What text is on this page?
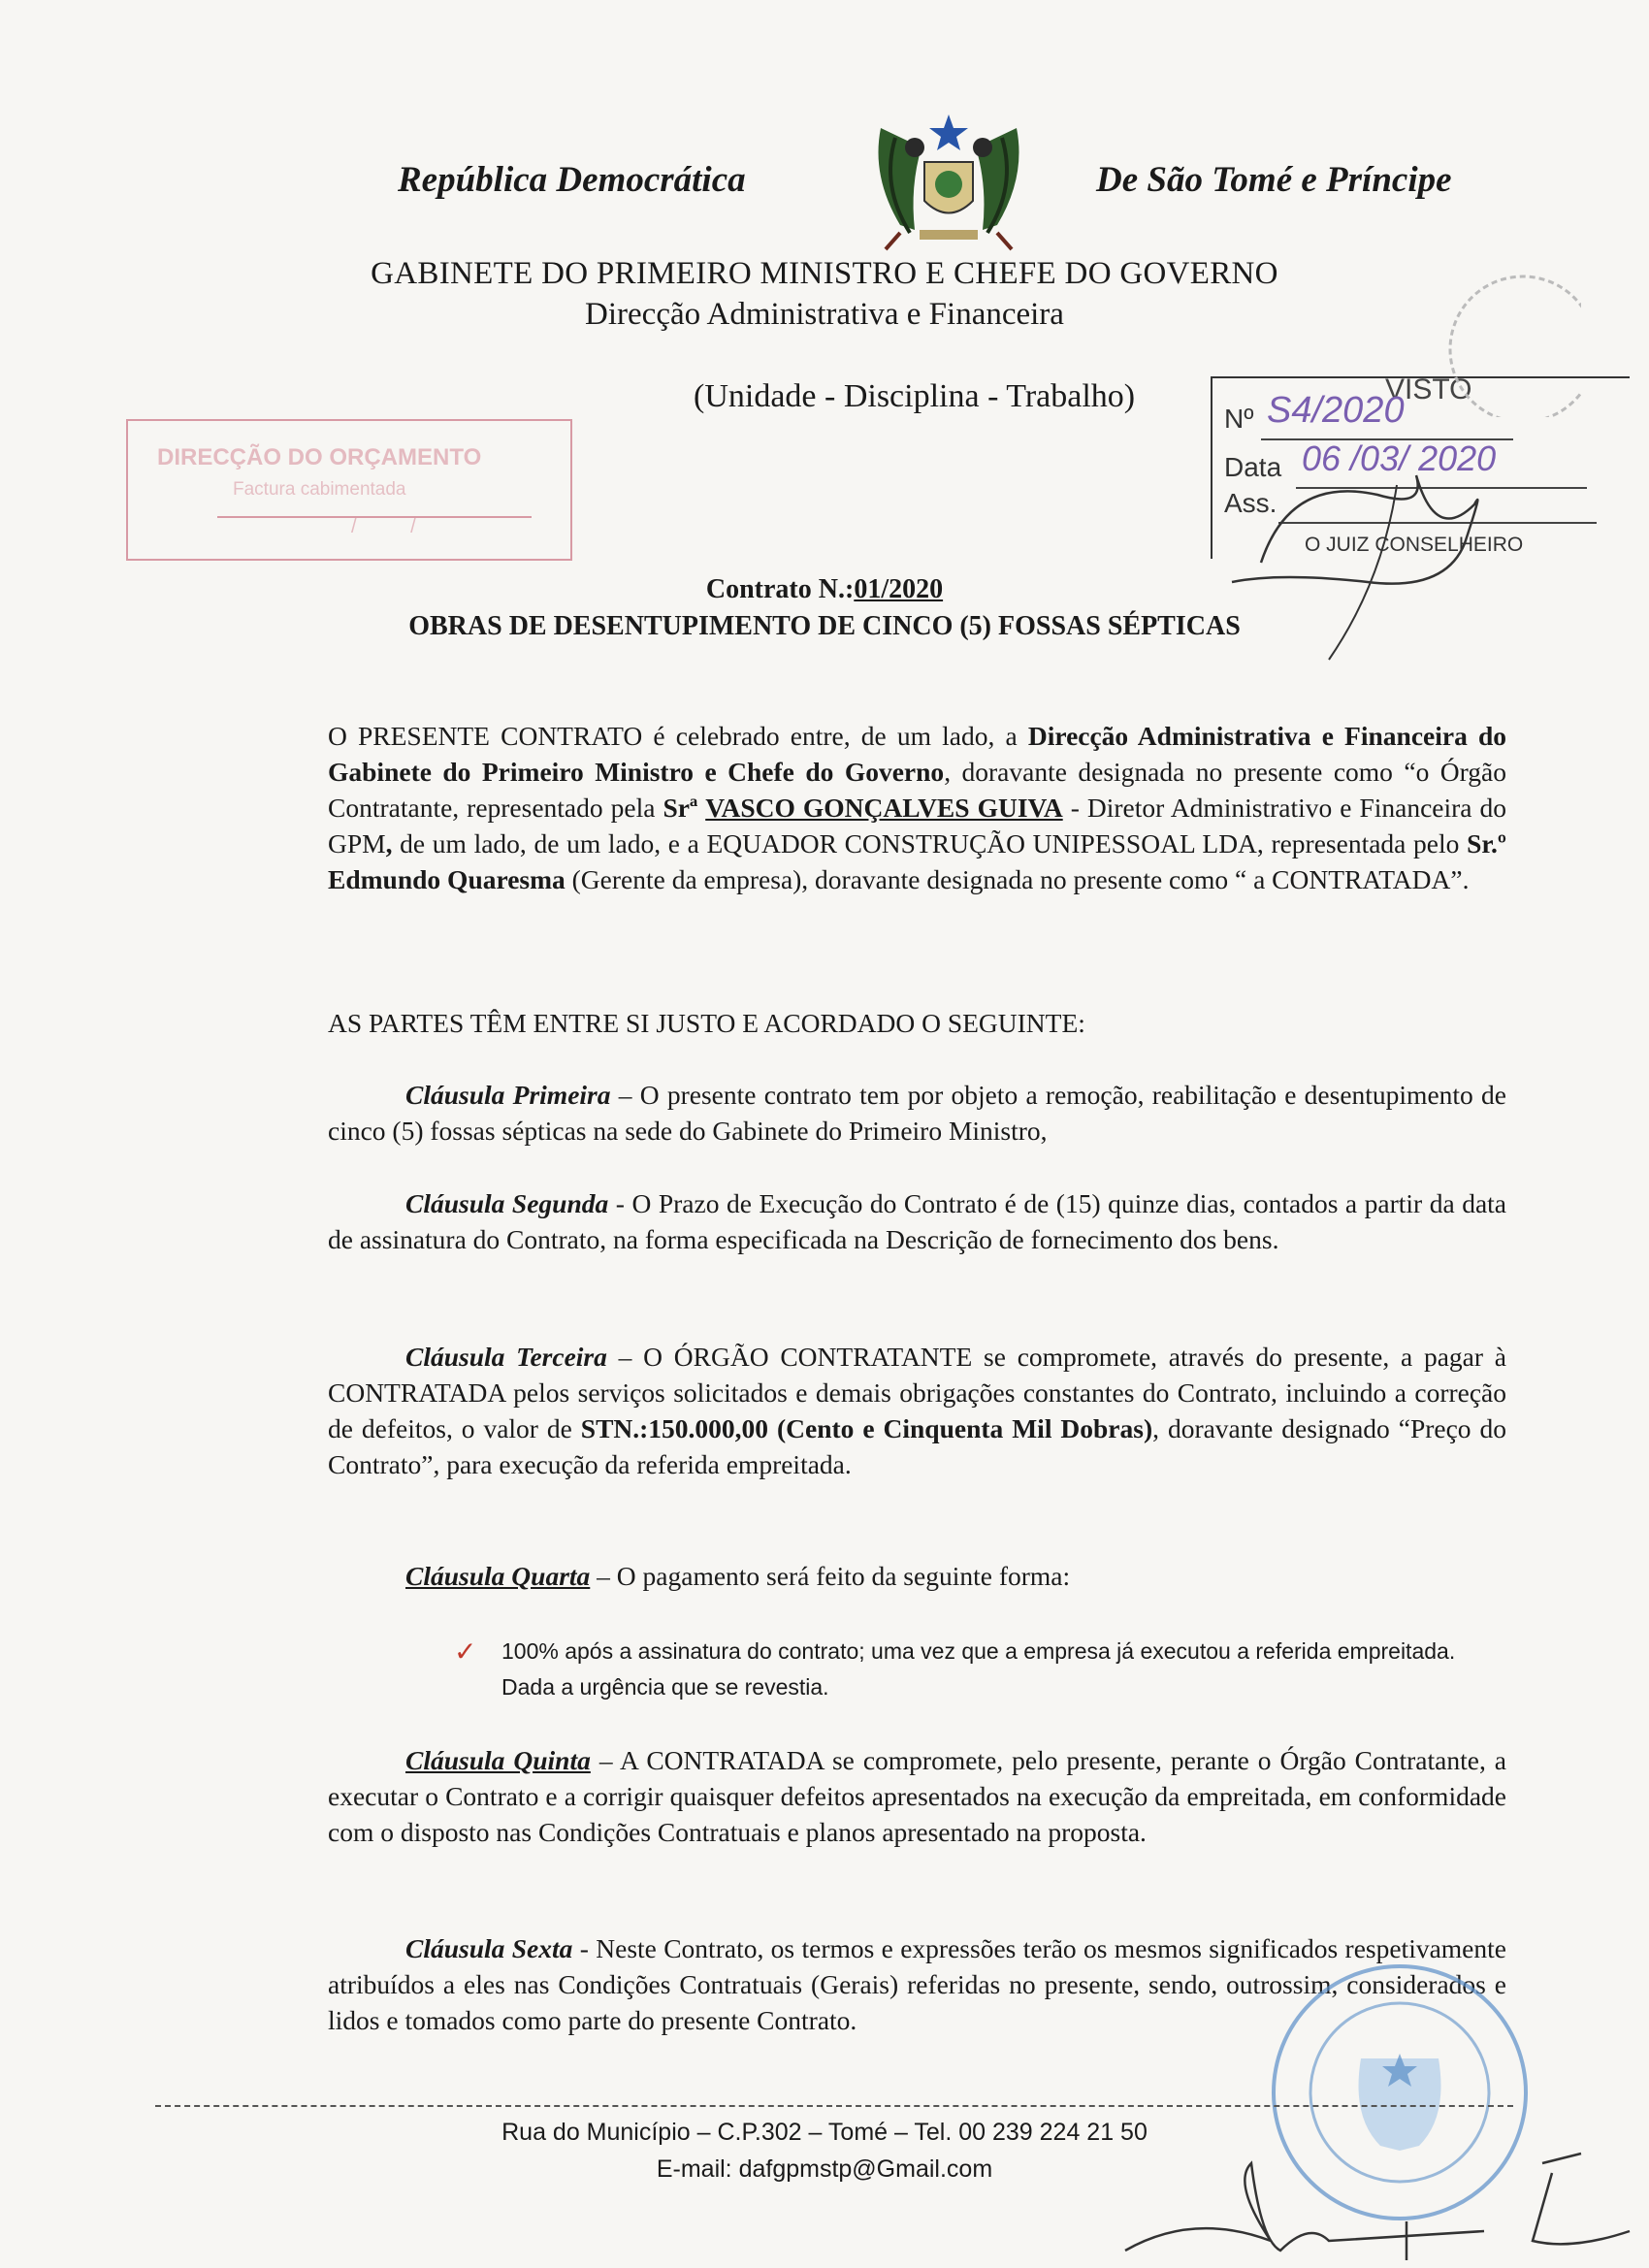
República Democrática	De São Tomé e Príncipe
GABINETE DO PRIMEIRO MINISTRO E CHEFE DO GOVERNO
Direcção Administrativa e Financeira
(Unidade - Disciplina - Trabalho)
DIRECÇÃO DO ORÇAMENTO
Factura cabimentada
/          /
VISTO
Nº S4/2020
Data 06 /03/ 2020
Ass.
O JUIZ CONSELHEIRO
Contrato N.:01/2020
OBRAS DE DESENTUPIMENTO DE CINCO (5) FOSSAS SÉPTICAS
O PRESENTE CONTRATO é celebrado entre, de um lado, a Direcção Administrativa e Financeira do Gabinete do Primeiro Ministro e Chefe do Governo, doravante designada no presente como “o Órgão Contratante, representado pela Srª VASCO GONÇALVES GUIVA - Diretor Administrativo e Financeira do GPM, de um lado, de um lado, e a EQUADOR CONSTRUÇÃO UNIPESSOAL LDA, representada pelo Sr.º Edmundo Quaresma (Gerente da empresa), doravante designada no presente como “ a CONTRATADA”.
AS PARTES TÊM ENTRE SI JUSTO E ACORDADO O SEGUINTE:
Cláusula Primeira – O presente contrato tem por objeto a remoção, reabilitação e desentupimento de cinco (5) fossas sépticas na sede do Gabinete do Primeiro Ministro,
Cláusula Segunda - O Prazo de Execução do Contrato é de (15) quinze dias, contados a partir da data de assinatura do Contrato, na forma especificada na Descrição de fornecimento dos bens.
Cláusula Terceira – O ÓRGÃO CONTRATANTE se compromete, através do presente, a pagar à CONTRATADA pelos serviços solicitados e demais obrigações constantes do Contrato, incluindo a correção de defeitos, o valor de STN.:150.000,00 (Cento e Cinquenta Mil Dobras), doravante designado “Preço do Contrato”, para execução da referida empreitada.
Cláusula Quarta – O pagamento será feito da seguinte forma:
✓ 100% após a assinatura do contrato; uma vez que a empresa já executou a referida empreitada. Dada a urgência que se revestia.
Cláusula Quinta – A CONTRATADA se compromete, pelo presente, perante o Órgão Contratante, a executar o Contrato e a corrigir quaisquer defeitos apresentados na execução da empreitada, em conformidade com o disposto nas Condições Contratuais e planos apresentado na proposta.
Cláusula Sexta - Neste Contrato, os termos e expressões terão os mesmos significados respetivamente atribuídos a eles nas Condições Contratuais (Gerais) referidas no presente, sendo, outrossim, considerados e lidos e tomados como parte do presente Contrato.
Rua do Município – C.P.302 – Tomé – Tel. 00 239 224 21 50
E-mail: dafgpmstp@Gmail.com
